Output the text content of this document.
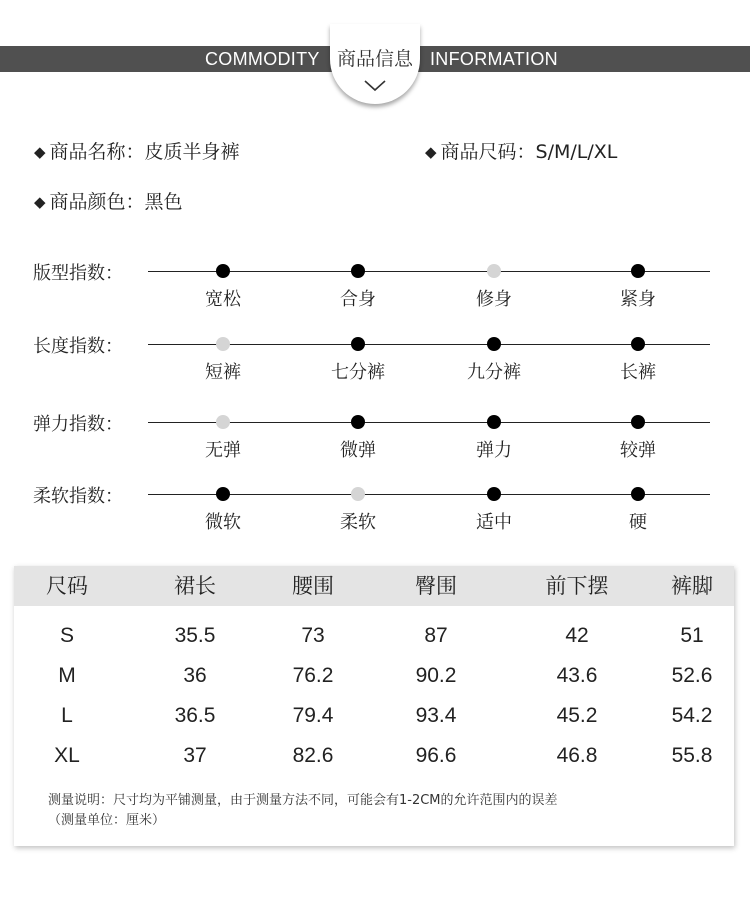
COMMODITY	INFORMATION
商品信息
◆ 商品名称：皮质半身裤	◆ 商品尺码：S/M/L/XL
◆ 商品颜色：黑色
版型指数：
宽松	合身	修身	紧身
长度指数：
短裤	七分裤	九分裤	长裤
弹力指数：
无弹	微弹	弹力	较弹
柔软指数：
微软	柔软	适中	硬
尺码	裙长	腰围	臀围	前下摆	裤脚
S	35.5	73	87	42	51
M	36	76.2	90.2	43.6	52.6
L	36.5	79.4	93.4	45.2	54.2
XL	37	82.6	96.6	46.8	55.8
测量说明：尺寸均为平铺测量，由于测量方法不同，可能会有1-2CM的允许范围内的误差
（测量单位：厘米）
